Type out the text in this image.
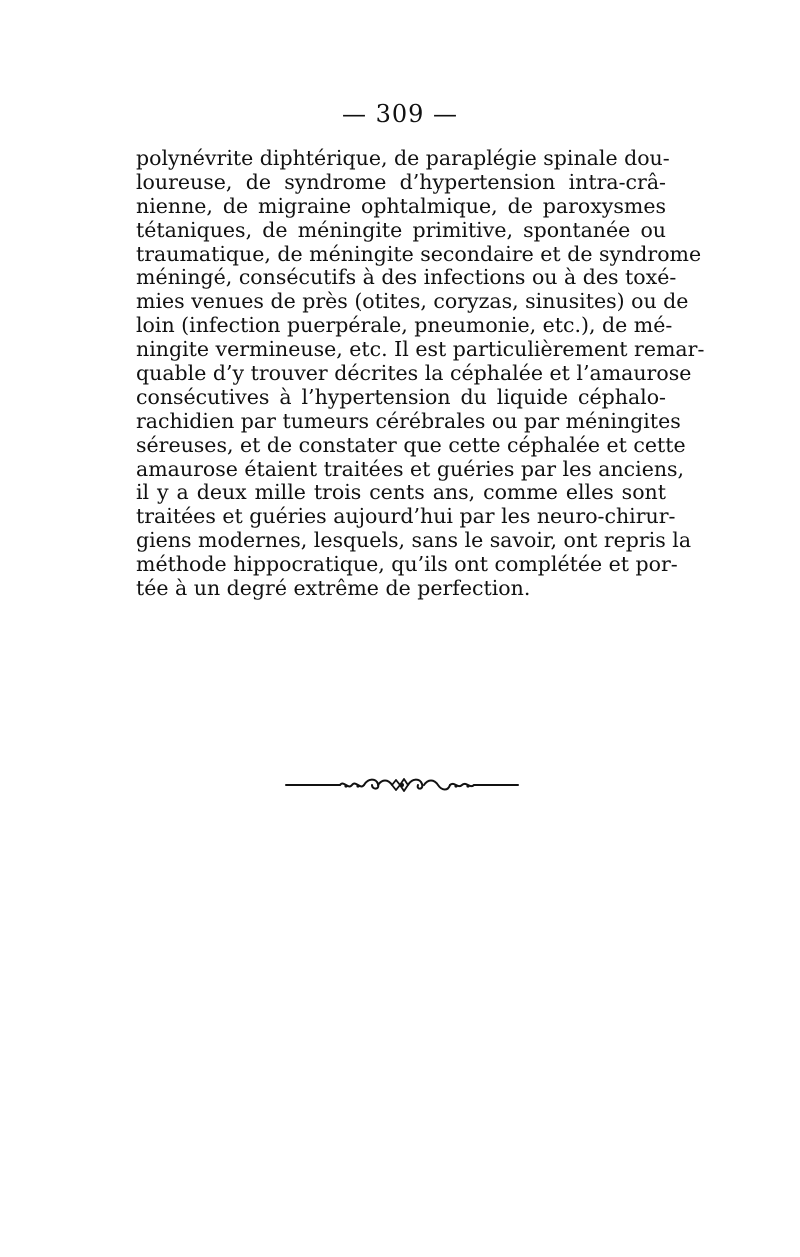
— 309 —
polynévrite diphtérique, de paraplégie spinale dou-
loureuse, de syndrome d’hypertension intra-crâ-
nienne, de migraine ophtalmique, de paroxysmes
tétaniques, de méningite primitive, spontanée ou
traumatique, de méningite secondaire et de syndrome
méningé, consécutifs à des infections ou à des toxé-
mies venues de près (otites, coryzas, sinusites) ou de
loin (infection puerpérale, pneumonie, etc.), de mé-
ningite vermineuse, etc. Il est particulièrement remar-
quable d’y trouver décrites la céphalée et l’amaurose
consécutives à l’hypertension du liquide céphalo-
rachidien par tumeurs cérébrales ou par méningites
séreuses, et de constater que cette céphalée et cette
amaurose étaient traitées et guéries par les anciens,
il y a deux mille trois cents ans, comme elles sont
traitées et guéries aujourd’hui par les neuro-chirur-
giens modernes, lesquels, sans le savoir, ont repris la
méthode hippocratique, qu’ils ont complétée et por-
tée à un degré extrême de perfection.
